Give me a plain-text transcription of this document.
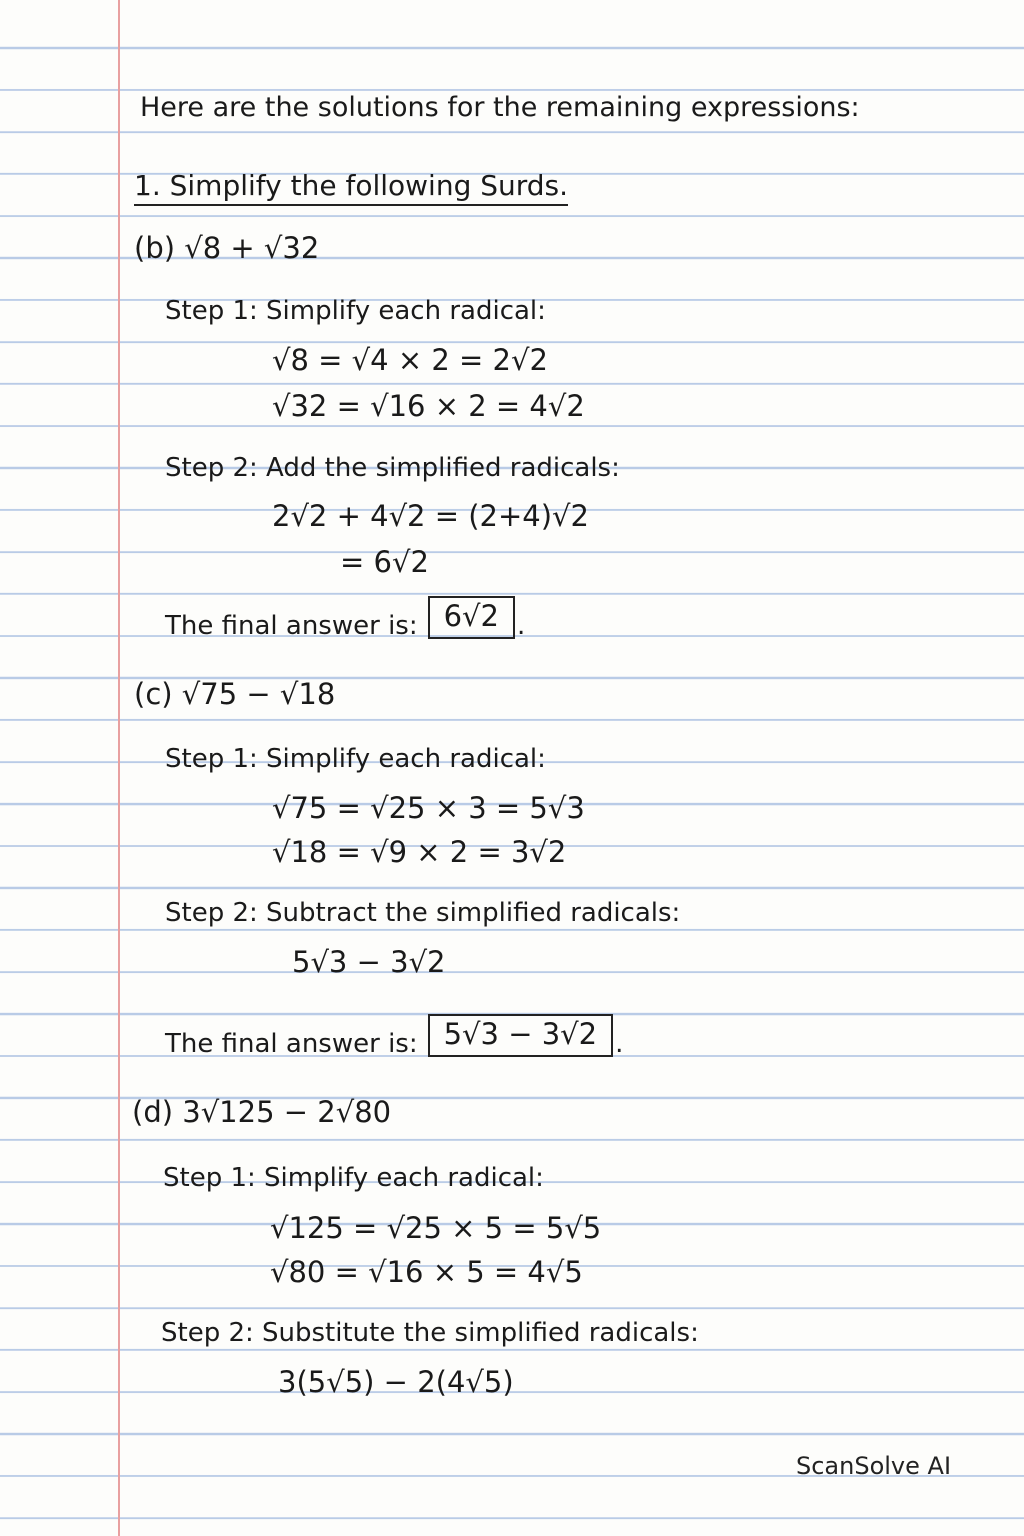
Here are the solutions for the remaining expressions:
1. Simplify the following Surds.
(b) √8 + √32
Step 1: Simplify each radical:
√8 = √4 × 2 = 2√2
√32 = √16 × 2 = 4√2
Step 2: Add the simplified radicals:
2√2 + 4√2 = (2+4)√2
= 6√2
The final answer is: 6√2 .
(c) √75 − √18
Step 1: Simplify each radical:
√75 = √25 × 3 = 5√3
√18 = √9 × 2 = 3√2
Step 2: Subtract the simplified radicals:
5√3 − 3√2
The final answer is: 5√3 − 3√2 .
(d) 3√125 − 2√80
Step 1: Simplify each radical:
√125 = √25 × 5 = 5√5
√80 = √16 × 5 = 4√5
Step 2: Substitute the simplified radicals:
3(5√5) − 2(4√5)
ScanSolve AI
